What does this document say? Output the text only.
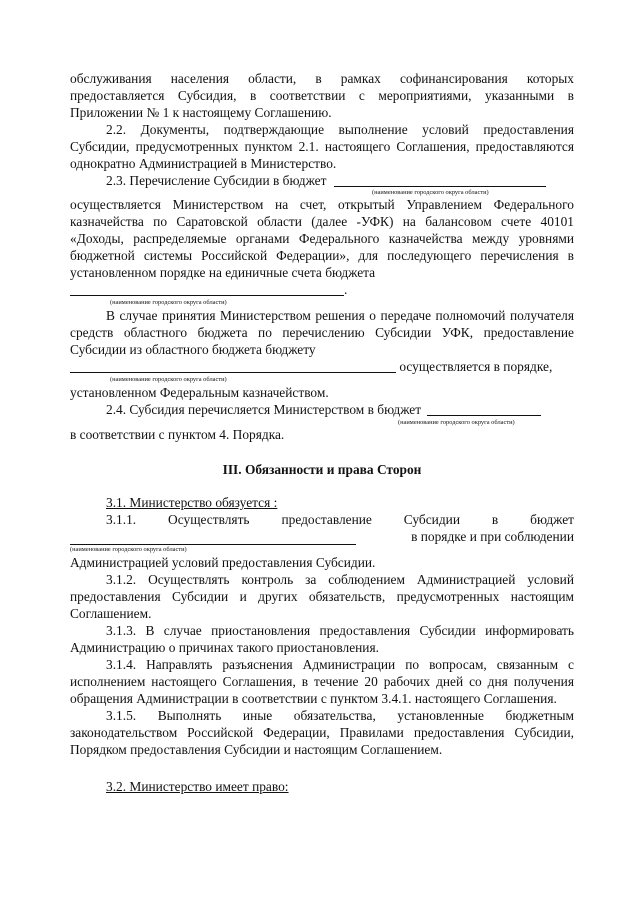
обслуживания населения области, в рамках софинансирования которых предоставляется Субсидия, в соответствии с мероприятиями, указанными в Приложении № 1 к настоящему Соглашению.

2.2. Документы, подтверждающие выполнение условий предоставления Субсидии, предусмотренных пунктом 2.1. настоящего Соглашения, предоставляются однократно Администрацией в Министерство.

2.3. Перечисление Субсидии в бюджет
(наименование городского округа области)

осуществляется Министерством на счет, открытый Управлением Федерального казначейства по Саратовской области (далее -УФК) на балансовом счете 40101 «Доходы, распределяемые органами Федерального казначейства между уровнями бюджетной системы Российской Федерации», для последующего перечисления в установленном порядке на единичные счета бюджета

.
(наименование городского округа области)

В случае принятия Министерством решения о передаче полномочий получателя средств областного бюджета по перечислению Субсидии УФК, предоставление Субсидии из областного бюджета бюджету

осуществляется в порядке,
(наименование городского округа области)

установленном Федеральным казначейством.

2.4. Субсидия перечисляется Министерством в бюджет
(наименование городского округа области)

в соответствии с пунктом 4. Порядка.

III. Обязанности и права Сторон

3.1. Министерство обязуется :

3.1.1. Осуществлять предоставление Субсидии в бюджет
в порядке и при соблюдении
(наименование городского округа области)

Администрацией условий предоставления Субсидии.

3.1.2. Осуществлять контроль за соблюдением Администрацией условий предоставления Субсидии и других обязательств, предусмотренных настоящим Соглашением.

3.1.3. В случае приостановления предоставления Субсидии информировать Администрацию о причинах такого приостановления.

3.1.4. Направлять разъяснения Администрации по вопросам, связанным с исполнением настоящего Соглашения, в течение 20 рабочих дней со дня получения обращения Администрации в соответствии с пунктом 3.4.1. настоящего Соглашения.

3.1.5. Выполнять иные обязательства, установленные бюджетным законодательством Российской Федерации, Правилами предоставления Субсидии, Порядком предоставления Субсидии и настоящим Соглашением.

3.2. Министерство имеет право:
